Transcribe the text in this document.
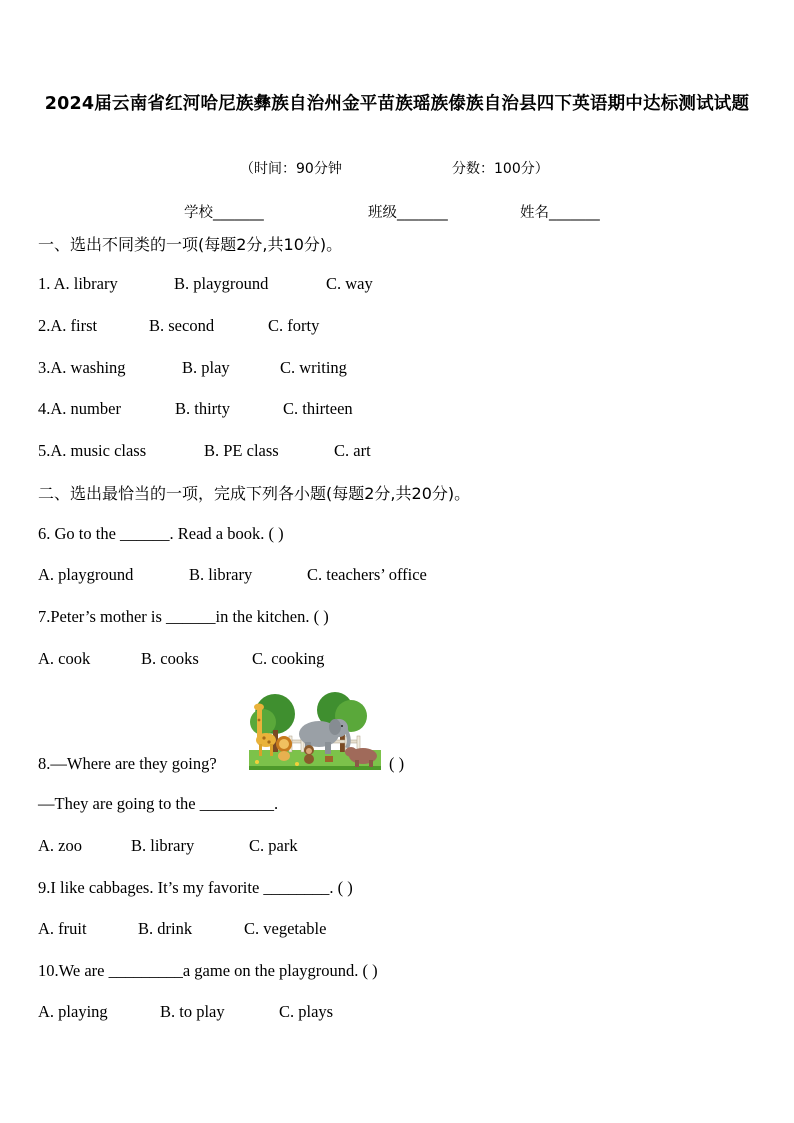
2024届云南省红河哈尼族彝族自治州金平苗族瑶族傣族自治县四下英语期中达标测试试题
（时间：90分钟	分数：100分）
学校_______	班级_______	姓名_______
一、选出不同类的一项(每题2分,共10分)。
1. A. library	B. playground	C. way
2.A. first	B. second	C. forty
3.A. washing	B. play	C. writing
4.A. number	B. thirty	C. thirteen
5.A. music class	B. PE class	C. art
二、选出最恰当的一项，完成下列各小题(每题2分,共20分)。
6. Go to the ______. Read a book. ( )
A. playground	B. library	C. teachers’ office
7.Peter’s mother is ______in the kitchen. ( )
A. cook	B. cooks	C. cooking
8.—Where are they going?	( )
—They are going to the _________.
A. zoo	B. library	C. park
9.I like cabbages. It’s my favorite ________. ( )
A. fruit	B. drink	C. vegetable
10.We are _________a game on the playground. ( )
A. playing	B. to play	C. plays
